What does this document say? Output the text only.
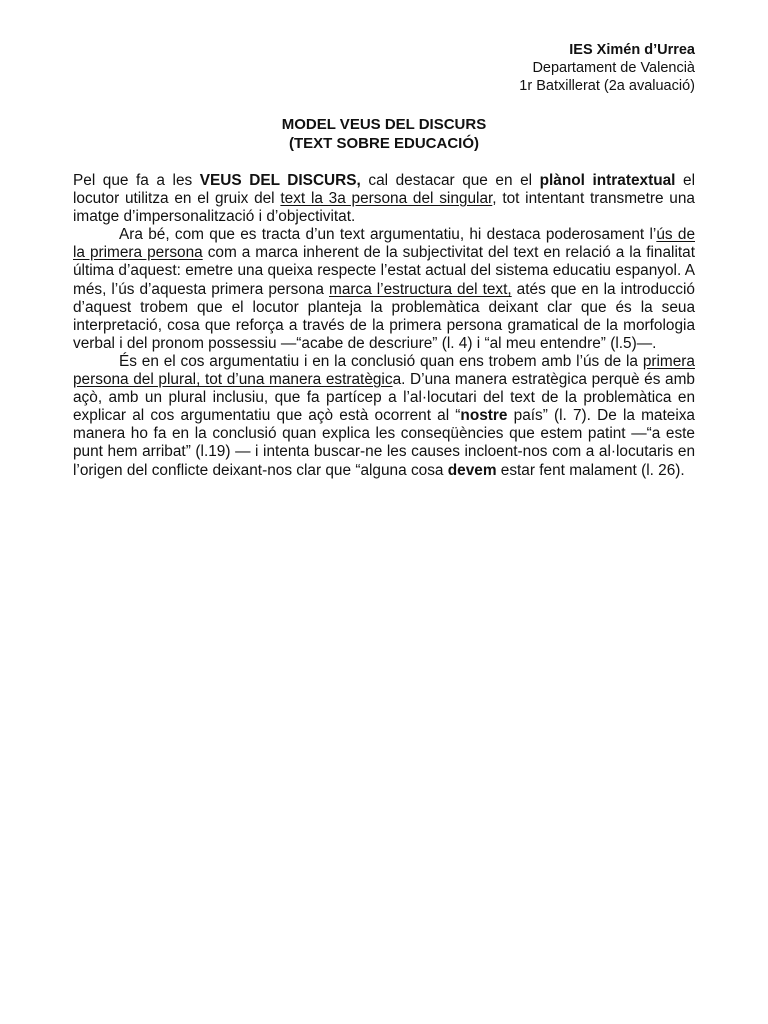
IES Ximén d’Urrea
Departament de Valencià
1r Batxillerat (2a avaluació)
MODEL VEUS DEL DISCURS
(TEXT SOBRE EDUCACIÓ)

Pel que fa a les VEUS DEL DISCURS, cal destacar que en el plànol intratextual el locutor utilitza en el gruix del text la 3a persona del singular, tot intentant transmetre una imatge d’impersonalització i d’objectivitat.

Ara bé, com que es tracta d’un text argumentatiu, hi destaca poderosament l’ús de la primera persona com a marca inherent de la subjectivitat del text en relació a la finalitat última d’aquest: emetre una queixa respecte l’estat actual del sistema educatiu espanyol. A més, l’ús d’aquesta primera persona marca l’estructura del text, atés que en la introducció d’aquest trobem que el locutor planteja la problemàtica deixant clar que és la seua interpretació, cosa que reforça a través de la primera persona gramatical de la morfologia verbal i del pronom possessiu —“acabe de descriure” (l. 4) i “al meu entendre” (l.5)—.

És en el cos argumentatiu i en la conclusió quan ens trobem amb l’ús de la primera persona del plural, tot d’una manera estratègica. D’una manera estratègica perquè és amb açò, amb un plural inclusiu, que fa partícep a l’al·locutari del text de la problemàtica en explicar al cos argumentatiu que açò està ocorrent al “nostre país” (l. 7). De la mateixa manera ho fa en la conclusió quan explica les conseqüències que estem patint —“a este punt hem arribat” (l.19) — i intenta buscar-ne les causes incloent-nos com a al·locutaris en l’origen del conflicte deixant-nos clar que “alguna cosa devem estar fent malament (l. 26).
